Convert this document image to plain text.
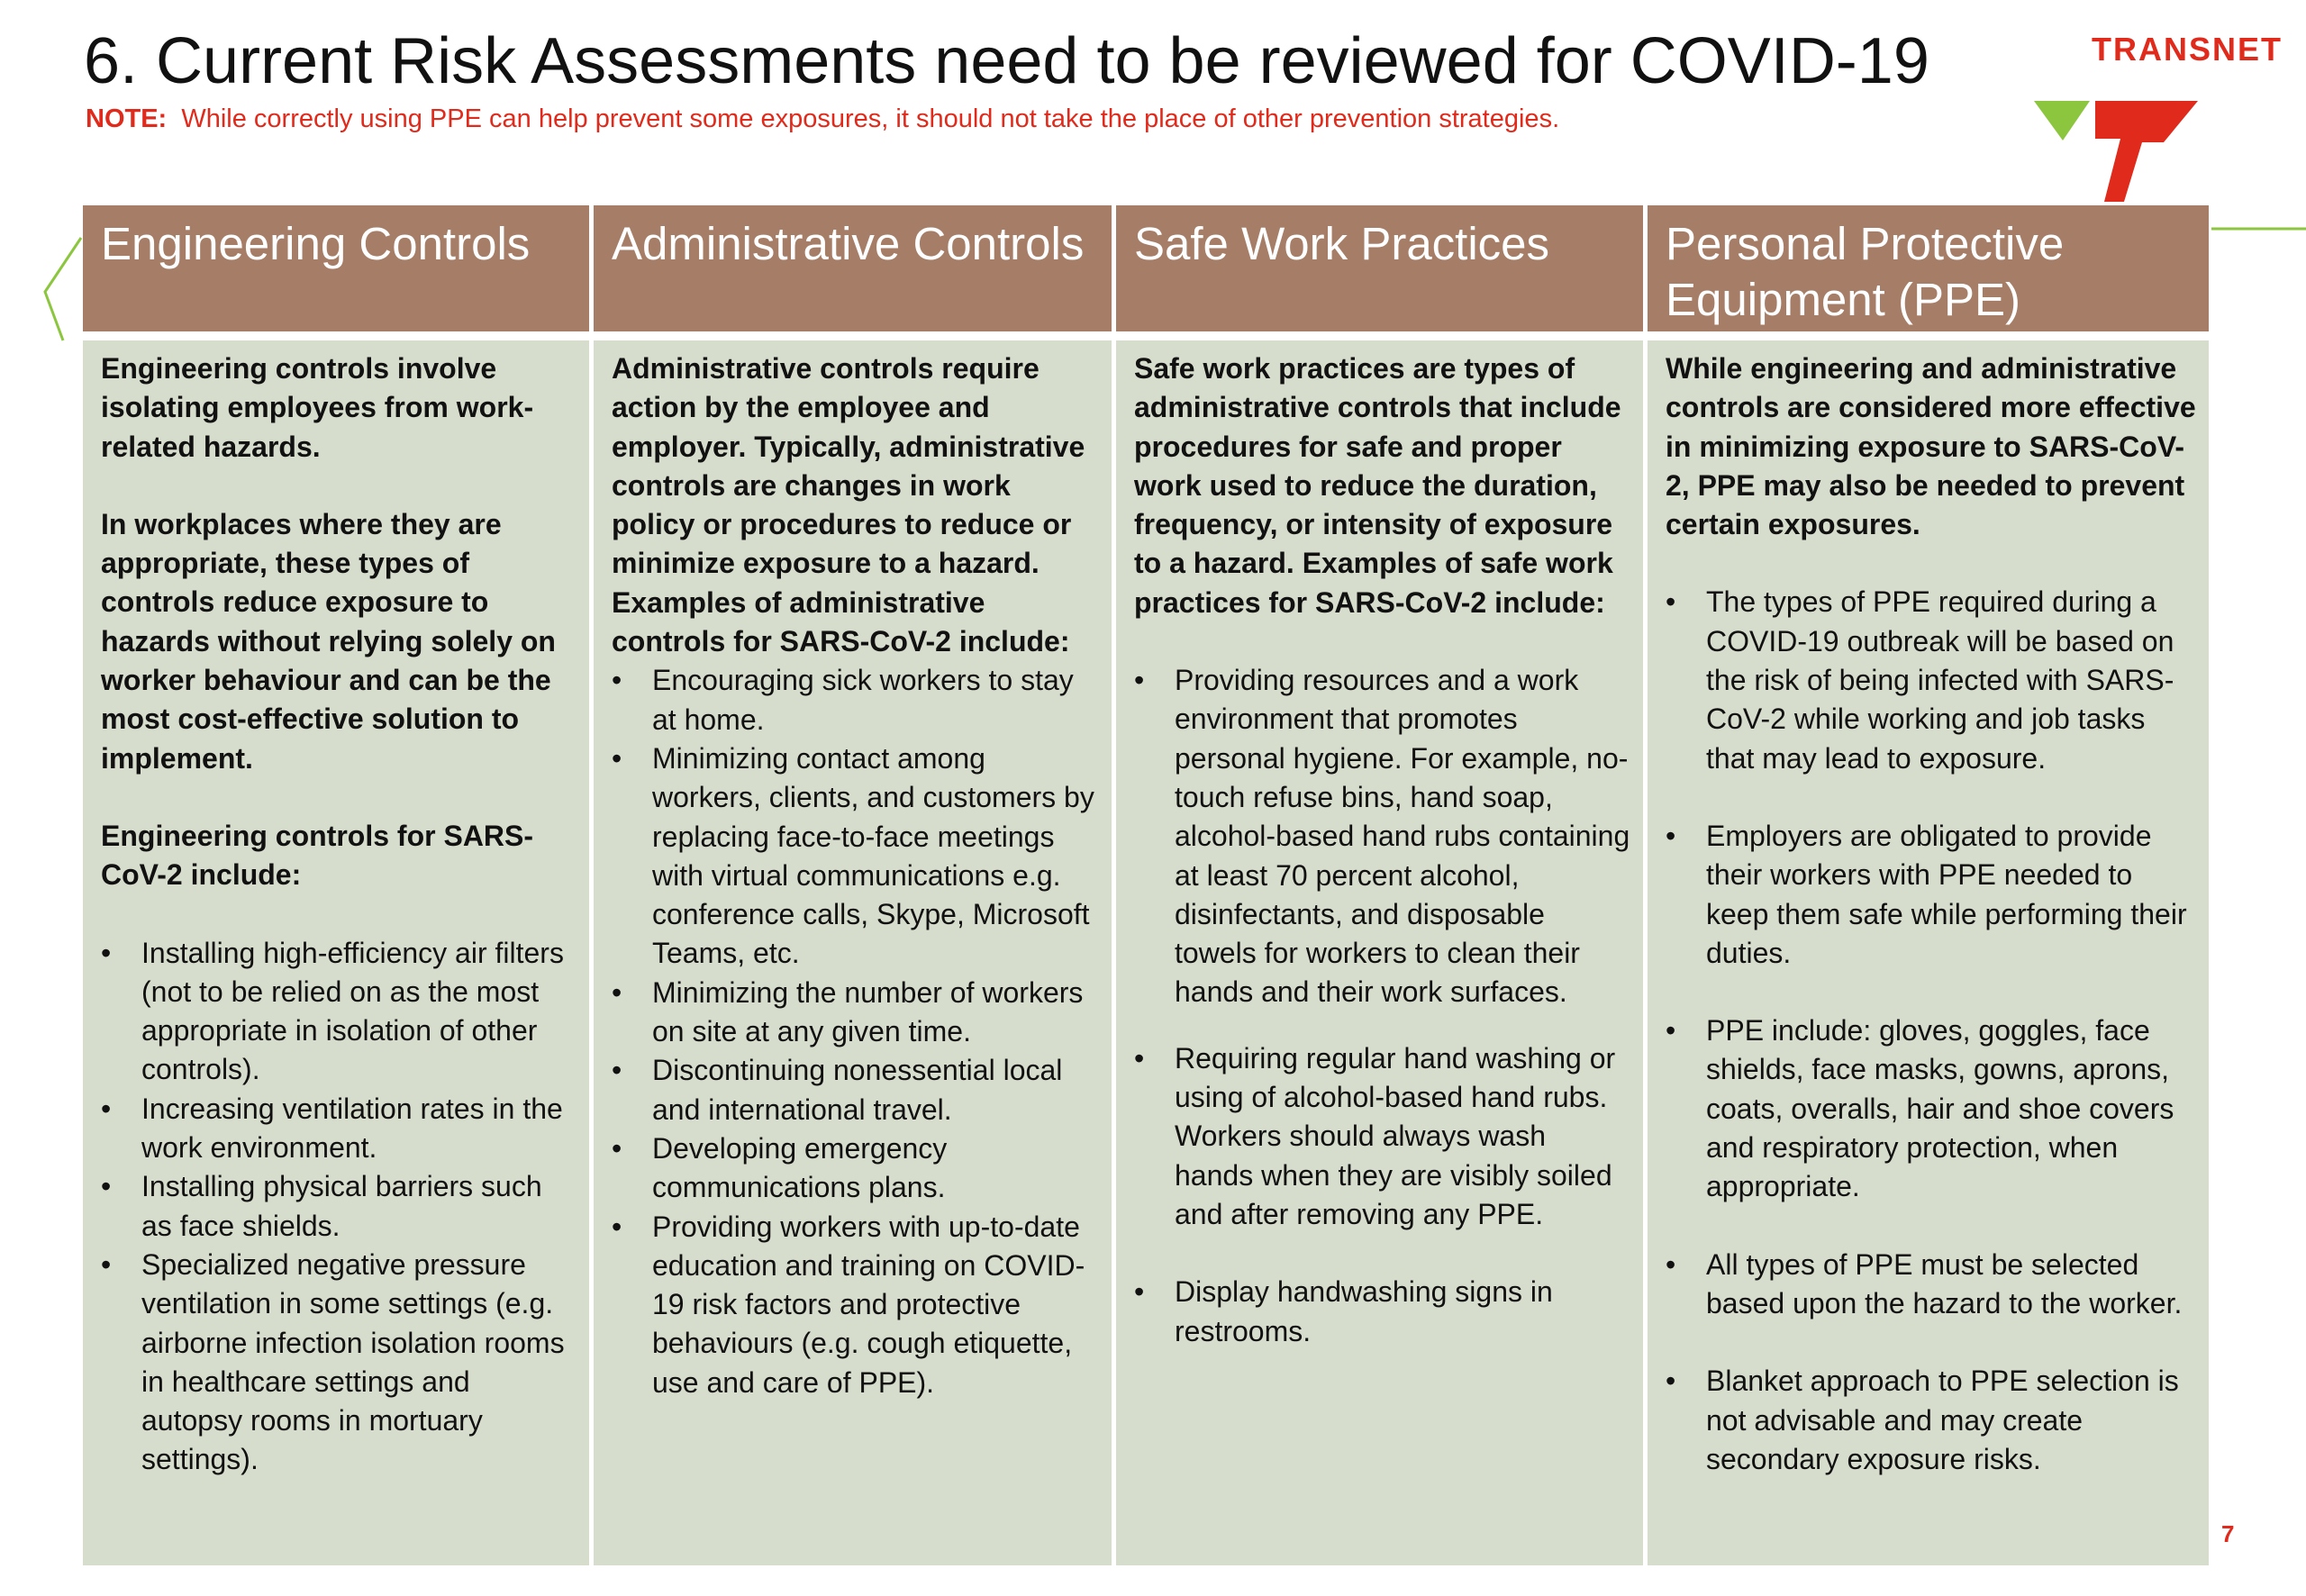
6. Current Risk Assessments need to be reviewed for COVID-19
NOTE: While correctly using PPE can help prevent some exposures, it should not take the place of other prevention strategies.
TRANSNET
Engineering Controls

Engineering controls involve isolating employees from work-related hazards.

In workplaces where they are appropriate, these types of controls reduce exposure to hazards without relying solely on worker behaviour and can be the most cost-effective solution to implement.

Engineering controls for SARS-CoV-2 include:

• Installing high-efficiency air filters (not to be relied on as the most appropriate in isolation of other controls).
• Increasing ventilation rates in the work environment.
• Installing physical barriers such as face shields.
• Specialized negative pressure ventilation in some settings (e.g. airborne infection isolation rooms in healthcare settings and autopsy rooms in mortuary settings).
Administrative Controls

Administrative controls require action by the employee and employer. Typically, administrative controls are changes in work policy or procedures to reduce or minimize exposure to a hazard. Examples of administrative controls for SARS-CoV-2 include:

• Encouraging sick workers to stay at home.
• Minimizing contact among workers, clients, and customers by replacing face-to-face meetings with virtual communications e.g. conference calls, Skype, Microsoft Teams, etc.
• Minimizing the number of workers on site at any given time.
• Discontinuing nonessential local and international travel.
• Developing emergency communications plans.
• Providing workers with up-to-date education and training on COVID-19 risk factors and protective behaviours (e.g. cough etiquette, use and care of PPE).
Safe Work Practices

Safe work practices are types of administrative controls that include procedures for safe and proper work used to reduce the duration, frequency, or intensity of exposure to a hazard. Examples of safe work practices for SARS-CoV-2 include:

• Providing resources and a work environment that promotes personal hygiene. For example, no-touch refuse bins, hand soap, alcohol-based hand rubs containing at least 70 percent alcohol, disinfectants, and disposable towels for workers to clean their hands and their work surfaces.
• Requiring regular hand washing or using of alcohol-based hand rubs. Workers should always wash hands when they are visibly soiled and after removing any PPE.
• Display handwashing signs in restrooms.
Personal Protective Equipment (PPE)

While engineering and administrative controls are considered more effective in minimizing exposure to SARS-CoV-2, PPE may also be needed to prevent certain exposures.

• The types of PPE required during a COVID-19 outbreak will be based on the risk of being infected with SARS-CoV-2 while working and job tasks that may lead to exposure.
• Employers are obligated to provide their workers with PPE needed to keep them safe while performing their duties.
• PPE include: gloves, goggles, face shields, face masks, gowns, aprons, coats, overalls, hair and shoe covers and respiratory protection, when appropriate.
• All types of PPE must be selected based upon the hazard to the worker.
• Blanket approach to PPE selection is not advisable and may create secondary exposure risks.
7
